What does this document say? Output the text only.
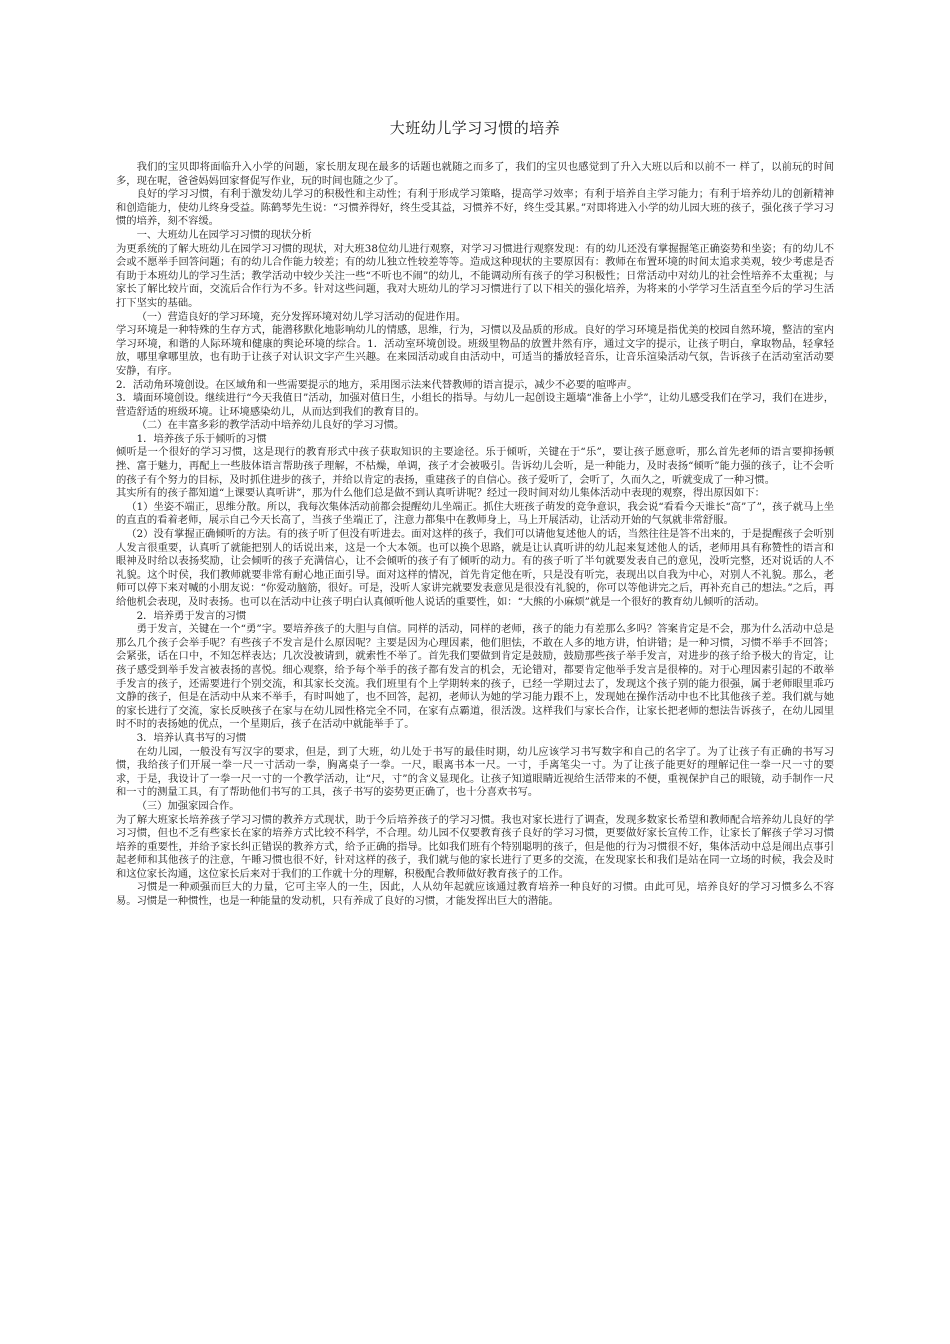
大班幼儿学习习惯的培养

我们的宝贝即将面临升入小学的问题，家长朋友现在最多的话题也就随之而多了，我们的宝贝也感觉到了升入大班以后和以前不一 样了，以前玩的时间多，现在呢，爸爸妈妈回家督促写作业，玩的时间也随之少了。

良好的学习习惯，有利于激发幼儿学习的积极性和主动性；有利于形成学习策略，提高学习效率；有利于培养自主学习能力；有利于培养幼儿的创新精神和创造能力，使幼儿终身受益。陈鹤琴先生说：“习惯养得好，终生受其益，习惯养不好，终生受其累。”对即将进入小学的幼儿园大班的孩子，强化孩子学习习惯的培养，刻不容缓。

一、大班幼儿在园学习习惯的现状分析

为更系统的了解大班幼儿在园学习习惯的现状，对大班38位幼儿进行观察，对学习习惯进行观察发现：有的幼儿还没有掌握握笔正确姿势和坐姿；有的幼儿不会或不愿举手回答问题；有的幼儿合作能力较差；有的幼儿独立性较差等等。造成这种现状的主要原因有：教师在布置环境的时间太追求美观，较少考虑是否有助于本班幼儿的学习生活；教学活动中较少关注一些“不听也不闹”的幼儿，不能调动所有孩子的学习积极性；日常活动中对幼儿的社会性培养不太重视；与家长了解比较片面，交流后合作行为不多。针对这些问题，我对大班幼儿的学习习惯进行了以下相关的强化培养，为将来的小学学习生活直至今后的学习生活打下坚实的基础。

（一）营造良好的学习环境，充分发挥环境对幼儿学习活动的促进作用。

学习环境是一种特殊的生存方式，能潜移默化地影响幼儿的情感，思维，行为，习惯以及品质的形成。良好的学习环境是指优美的校园自然环境，整洁的室内学习环境，和谐的人际环境和健康的舆论环境的综合。1．活动室环境创设。班级里物品的放置井然有序，通过文字的提示，让孩子明白，拿取物品，轻拿轻放，哪里拿哪里放，也有助于让孩子对认识文字产生兴趣。在来园活动或自由活动中，可适当的播放轻音乐，让音乐渲染活动气氛，告诉孩子在活动室活动要安静，有序。

2．活动角环境创设。在区域角和一些需要提示的地方，采用图示法来代替教师的语言提示，减少不必要的喧哗声。

3．墙面环境创设。继续进行“今天我值日”活动，加强对值日生，小组长的指导。与幼儿一起创设主题墙“准备上小学”，让幼儿感受我们在学习，我们在进步，营造舒适的班级环境。让环境感染幼儿，从而达到我们的教育目的。

（二）在丰富多彩的教学活动中培养幼儿良好的学习习惯。

1．培养孩子乐于倾听的习惯

倾听是一个很好的学习习惯，这是现行的教育形式中孩子获取知识的主要途径。乐于倾听，关键在于“乐”，要让孩子愿意听，那么首先老师的语言要抑扬顿挫、富于魅力，再配上一些肢体语言帮助孩子理解，不枯燥，单调，孩子才会被吸引。告诉幼儿会听，是一种能力，及时表扬“倾听”能力强的孩子，让不会听的孩子有个努力的目标，及时抓住进步的孩子，并给以肯定的表扬，重建孩子的自信心。孩子爱听了，会听了，久而久之，听就变成了一种习惯。

其实所有的孩子都知道“上课要认真听讲”，那为什么他们总是做不到认真听讲呢？经过一段时间对幼儿集体活动中表现的观察，得出原因如下：

（1）坐姿不端正，思维分散。所以，我每次集体活动前都会提醒幼儿坐端正。抓住大班孩子萌发的竞争意识，我会说“看看今天谁长“高”了”，孩子就马上坐的直直的看着老师，展示自己今天长高了，当孩子坐端正了，注意力都集中在教师身上，马上开展活动，让活动开始的气氛就非常舒服。

（2）没有掌握正确倾听的方法。有的孩子听了但没有听进去。面对这样的孩子，我们可以请他复述他人的话，当然往往是答不出来的，于是提醒孩子会听别人发言很重要，认真听了就能把别人的话说出来，这是一个大本领。也可以换个思路，就是让认真听讲的幼儿起来复述他人的话，老师用具有称赞性的语言和眼神及时给以表扬奖励，让会倾听的孩子充满信心，让不会倾听的孩子有了倾听的动力。有的孩子听了半句就要发表自己的意见，没听完整，还对说话的人不礼貌。这个时侯，我们教师就要非常有耐心地正面引导。面对这样的情况，首先肯定他在听，只是没有听完，表现出以自我为中心，对别人不礼貌。那么，老师可以停下来对喊的小朋友说：“你爱动脑筋，很好。可是，没听人家讲完就要发表意见是很没有礼貌的，你可以等他讲完之后，再补充自己的想法。”之后，再给他机会表现，及时表扬。也可以在活动中让孩子明白认真倾听他人说话的重要性，如：“大熊的小麻烦”就是一个很好的教育幼儿倾听的活动。

2．培养勇于发言的习惯

勇于发言，关键在一个“勇”字。要培养孩子的大胆与自信。同样的活动，同样的老师，孩子的能力有差那么多吗？答案肯定是不会，那为什么活动中总是那么几个孩子会举手呢？有些孩子不发言是什么原因呢？主要是因为心理因素，他们胆怯，不敢在人多的地方讲，怕讲错；是一种习惯，习惯不举手不回答；会紧张，话在口中，不知怎样表达；几次没被请到，就索性不举了。首先我们要做到肯定是鼓励，鼓励那些孩子举手发言，对进步的孩子给予极大的肯定，让孩子感受到举手发言被表扬的喜悦。细心观察，给予每个举手的孩子都有发言的机会，无论错对，都要肯定他举手发言是很棒的。对于心理因素引起的不敢举手发言的孩子，还需要进行个别交流，和其家长交流。我们班里有个上学期转来的孩子，已经一学期过去了，发现这个孩子别的能力很强，属于老师眼里乖巧文静的孩子，但是在活动中从来不举手，有时叫她了，也不回答，起初，老师认为她的学习能力跟不上，发现她在操作活动中也不比其他孩子差。我们就与她的家长进行了交流，家长反映孩子在家与在幼儿园性格完全不同，在家有点霸道，很活泼。这样我们与家长合作，让家长把老师的想法告诉孩子，在幼儿园里时不时的表扬她的优点，一个星期后，孩子在活动中就能举手了。

3．培养认真书写的习惯

在幼儿园，一般没有写汉字的要求，但是，到了大班，幼儿处于书写的最佳时期，幼儿应该学习书写数字和自己的名字了。为了让孩子有正确的书写习惯，我给孩子们开展一拳一尺一寸活动一拳，胸离桌子一拳。一尺，眼离书本一尺。一寸，手离笔尖一寸。为了让孩子能更好的理解记住一拳一尺一寸的要求，于是，我设计了一拳一尺一寸的一个教学活动，让“尺，寸”的含义显现化。让孩子知道眼睛近视给生活带来的不便，重视保护自己的眼镜，动手制作一尺和一寸的测量工具，有了帮助他们书写的工具，孩子书写的姿势更正确了，也十分喜欢书写。

（三）加强家园合作。

为了解大班家长培养孩子学习习惯的教养方式现状，助于今后培养孩子的学习习惯。我也对家长进行了调查，发现多数家长希望和教师配合培养幼儿良好的学习习惯，但也不乏有些家长在家的培养方式比较不科学，不合理。幼儿园不仅要教育孩子良好的学习习惯，更要做好家长宣传工作，让家长了解孩子学习习惯培养的重要性，并给予家长纠正错误的教养方式，给予正确的指导。比如我们班有个特别聪明的孩子，但是他的行为习惯很不好，集体活动中总是闹出点事引起老师和其他孩子的注意，午睡习惯也很不好，针对这样的孩子，我们就与他的家长进行了更多的交流，在发现家长和我们是站在同一立场的时候，我会及时和这位家长沟通，这位家长后来对于我们的工作就十分的理解，积极配合教师做好教育孩子的工作。

习惯是一种顽强而巨大的力量，它可主宰人的一生，因此，人从幼年起就应该通过教育培养一种良好的习惯。由此可见，培养良好的学习习惯多么不容易。习惯是一种惯性，也是一种能量的发动机，只有养成了良好的习惯，才能发挥出巨大的潜能。
